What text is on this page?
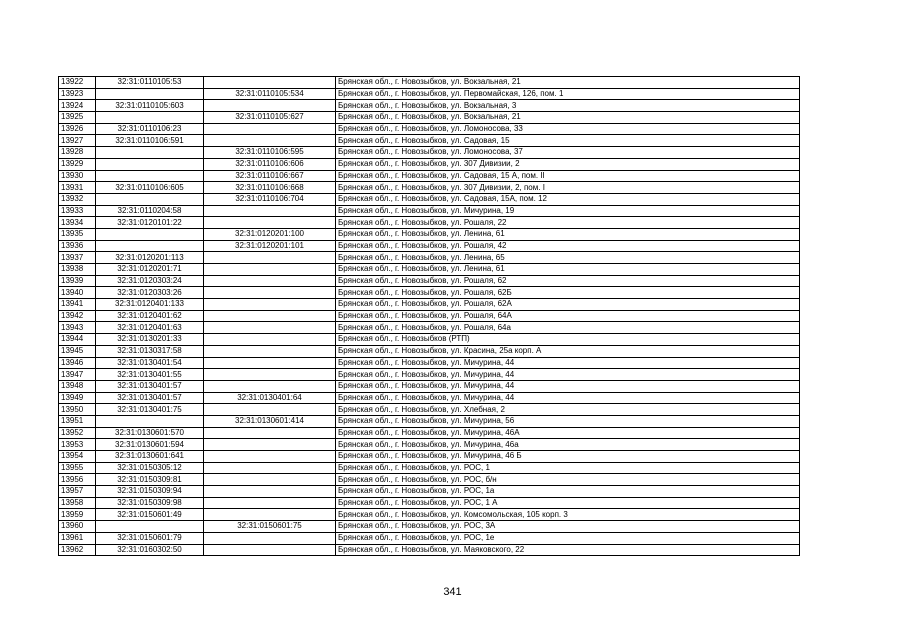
13922	32:31:0110105:53		Брянская обл., г. Новозыбков, ул. Вокзальная, 21
13923		32:31:0110105:534	Брянская обл., г. Новозыбков, ул. Первомайская, 126, пом. 1
13924	32:31:0110105:603		Брянская обл., г. Новозыбков, ул. Вокзальная, 3
13925		32:31:0110105:627	Брянская обл., г. Новозыбков, ул. Вокзальная, 21
13926	32:31:0110106:23		Брянская обл., г. Новозыбков, ул. Ломоносова, 33
13927	32:31:0110106:591		Брянская обл., г. Новозыбков, ул. Садовая, 15
13928		32:31:0110106:595	Брянская обл., г. Новозыбков, ул. Ломоносова, 37
13929		32:31:0110106:606	Брянская обл., г. Новозыбков, ул. 307 Дивизии, 2
13930		32:31:0110106:667	Брянская обл., г. Новозыбков, ул. Садовая, 15 А, пом. II
13931	32:31:0110106:605	32:31:0110106:668	Брянская обл., г. Новозыбков, ул. 307 Дивизии, 2, пом. I
13932		32:31:0110106:704	Брянская обл., г. Новозыбков, ул. Садовая, 15А, пом. 12
13933	32:31:0110204:58		Брянская обл., г. Новозыбков, ул. Мичурина, 19
13934	32:31:0120101:22		Брянская обл., г. Новозыбков, ул. Рошаля, 22
13935		32:31:0120201:100	Брянская обл., г. Новозыбков, ул. Ленина, 61
13936		32:31:0120201:101	Брянская обл., г. Новозыбков, ул. Рошаля, 42
13937	32:31:0120201:113		Брянская обл., г. Новозыбков, ул. Ленина, 65
13938	32:31:0120201:71		Брянская обл., г. Новозыбков, ул. Ленина, 61
13939	32:31:0120303:24		Брянская обл., г. Новозыбков, ул. Рошаля, 62
13940	32:31:0120303:26		Брянская обл., г. Новозыбков, ул. Рошаля, 62Б
13941	32:31:0120401:133		Брянская обл., г. Новозыбков, ул. Рошаля, 62А
13942	32:31:0120401:62		Брянская обл., г. Новозыбков, ул. Рошаля, 64А
13943	32:31:0120401:63		Брянская обл., г. Новозыбков, ул. Рошаля, 64а
13944	32:31:0130201:33		Брянская обл., г. Новозыбков (РТП)
13945	32:31:0130317:58		Брянская обл., г. Новозыбков, ул. Красина, 25а корп. А
13946	32:31:0130401:54		Брянская обл., г. Новозыбков, ул. Мичурина, 44
13947	32:31:0130401:55		Брянская обл., г. Новозыбков, ул. Мичурина, 44
13948	32:31:0130401:57		Брянская обл., г. Новозыбков, ул. Мичурина, 44
13949	32:31:0130401:57	32:31:0130401:64	Брянская обл., г. Новозыбков, ул. Мичурина, 44
13950	32:31:0130401:75		Брянская обл., г. Новозыбков, ул. Хлебная, 2
13951		32:31:0130601:414	Брянская обл., г. Новозыбков, ул. Мичурина, 56
13952	32:31:0130601:570		Брянская обл., г. Новозыбков, ул. Мичурина, 46А
13953	32:31:0130601:594		Брянская обл., г. Новозыбков, ул. Мичурина, 46а
13954	32:31:0130601:641		Брянская обл., г. Новозыбков, ул. Мичурина, 46 Б
13955	32:31:0150305:12		Брянская обл., г. Новозыбков, ул. РОС, 1
13956	32:31:0150309:81		Брянская обл., г. Новозыбков, ул. РОС, б/н
13957	32:31:0150309:94		Брянская обл., г. Новозыбков, ул. РОС, 1а
13958	32:31:0150309:98		Брянская обл., г. Новозыбков, ул. РОС, 1 А
13959	32:31:0150601:49		Брянская обл., г. Новозыбков, ул. Комсомольская, 105 корп. 3
13960		32:31:0150601:75	Брянская обл., г. Новозыбков, ул. РОС, 3А
13961	32:31:0150601:79		Брянская обл., г. Новозыбков, ул. РОС, 1е
13962	32:31:0160302:50		Брянская обл., г. Новозыбков, ул. Маяковского, 22
341
